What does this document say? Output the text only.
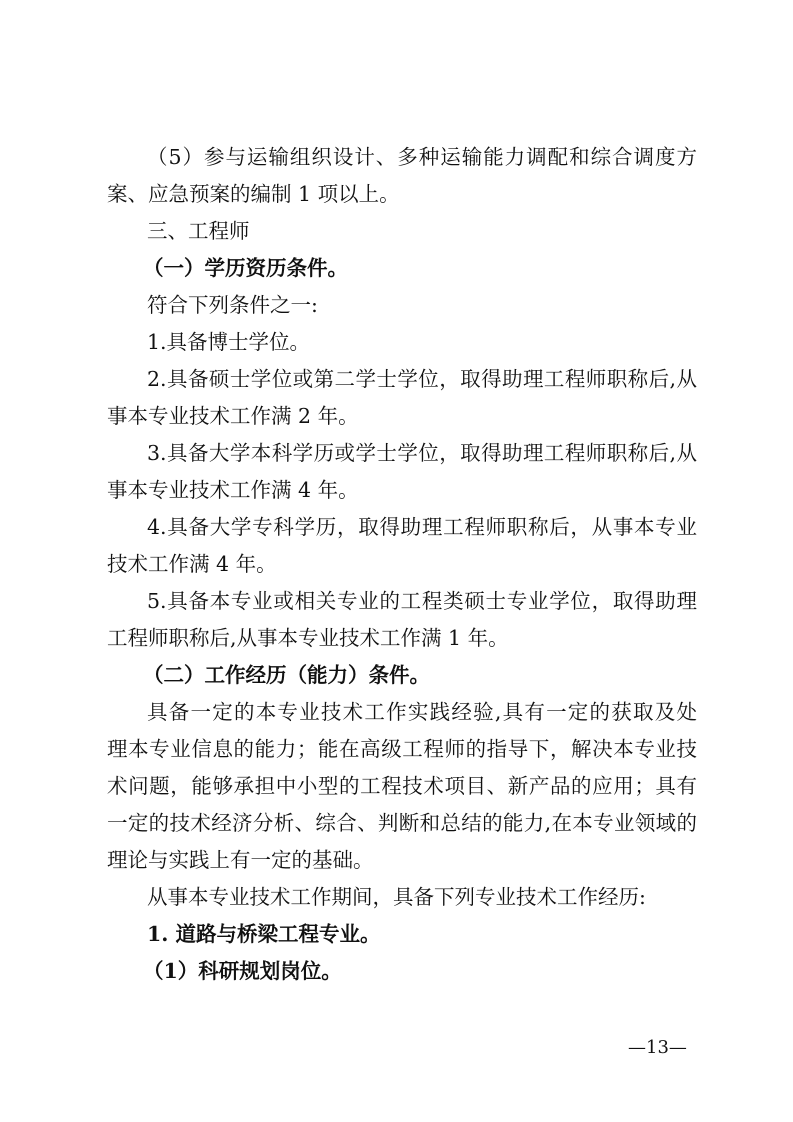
（5）参与运输组织设计、多种运输能力调配和综合调度方
案、应急预案的编制 1 项以上。
三、工程师
（一）学历资历条件。
符合下列条件之一:
1.具备博士学位。
2.具备硕士学位或第二学士学位，取得助理工程师职称后,从
事本专业技术工作满 2 年。
3.具备大学本科学历或学士学位，取得助理工程师职称后,从
事本专业技术工作满 4 年。
4.具备大学专科学历，取得助理工程师职称后，从事本专业
技术工作满 4 年。
5.具备本专业或相关专业的工程类硕士专业学位，取得助理
工程师职称后,从事本专业技术工作满 1 年。
（二）工作经历（能力）条件。
具备一定的本专业技术工作实践经验,具有一定的获取及处
理本专业信息的能力；能在高级工程师的指导下，解决本专业技
术问题，能够承担中小型的工程技术项目、新产品的应用；具有
一定的技术经济分析、综合、判断和总结的能力,在本专业领域的
理论与实践上有一定的基础。
从事本专业技术工作期间，具备下列专业技术工作经历:
1. 道路与桥梁工程专业。
（1）科研规划岗位。
—13—
